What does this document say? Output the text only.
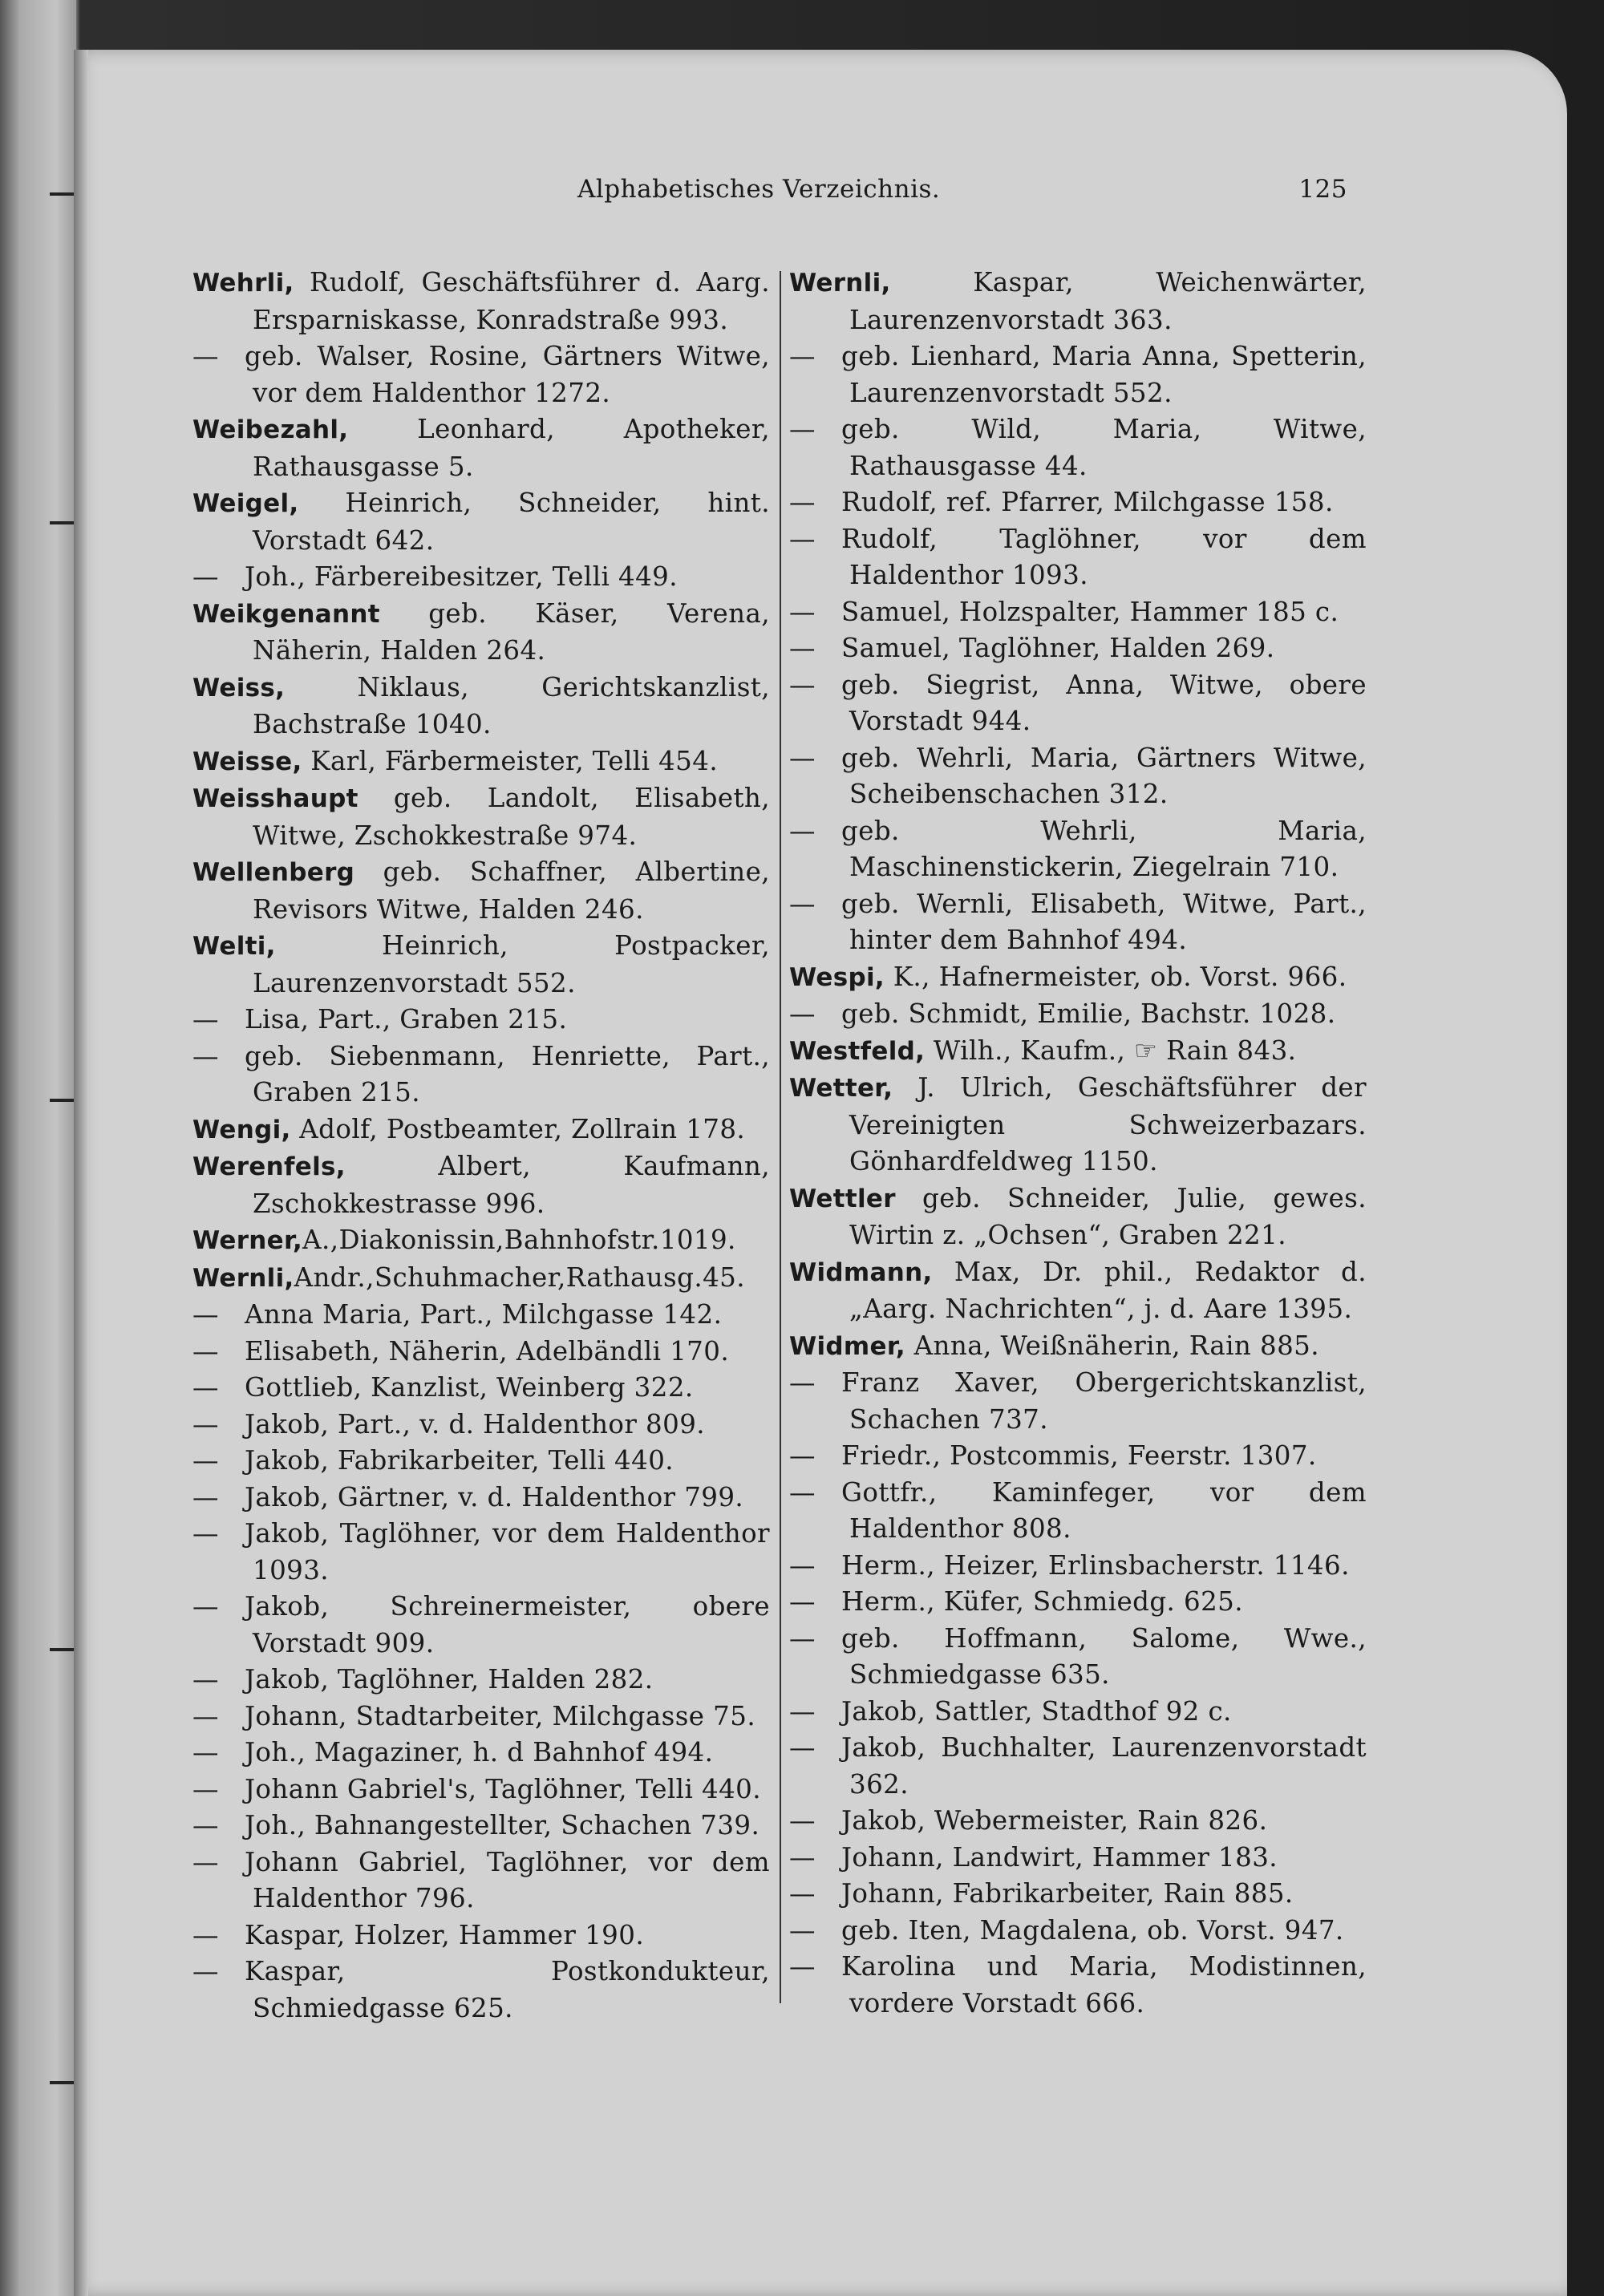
Alphabetisches Verzeichnis.	125

Wehrli, Rudolf, Geschäftsführer d. Aarg. Ersparniskasse, Konradstraße 993.

— geb. Walser, Rosine, Gärtners Witwe, vor dem Haldenthor 1272.

Weibezahl, Leonhard, Apotheker, Rathausgasse 5.

Weigel, Heinrich, Schneider, hint. Vorstadt 642.

— Joh., Färbereibesitzer, Telli 449.

Weikgenannt geb. Käser, Verena, Näherin, Halden 264.

Weiss, Niklaus, Gerichtskanzlist, Bachstraße 1040.

Weisse, Karl, Färbermeister, Telli 454.

Weisshaupt geb. Landolt, Elisabeth, Witwe, Zschokkestraße 974.

Wellenberg geb. Schaffner, Albertine, Revisors Witwe, Halden 246.

Welti, Heinrich, Postpacker, Laurenzenvorstadt 552.

— Lisa, Part., Graben 215.

— geb. Siebenmann, Henriette, Part., Graben 215.

Wengi, Adolf, Postbeamter, Zollrain 178.

Werenfels, Albert, Kaufmann, Zschokkestrasse 996.

Werner,A.,Diakonissin,Bahnhofstr.1019.

Wernli,Andr.,Schuhmacher,Rathausg.45.

— Anna Maria, Part., Milchgasse 142.

— Elisabeth, Näherin, Adelbändli 170.

— Gottlieb, Kanzlist, Weinberg 322.

— Jakob, Part., v. d. Haldenthor 809.

— Jakob, Fabrikarbeiter, Telli 440.

— Jakob, Gärtner, v. d. Haldenthor 799.

— Jakob, Taglöhner, vor dem Haldenthor 1093.

— Jakob, Schreinermeister, obere Vorstadt 909.

— Jakob, Taglöhner, Halden 282.

— Johann, Stadtarbeiter, Milchgasse 75.

— Joh., Magaziner, h. d Bahnhof 494.

— Johann Gabriel's, Taglöhner, Telli 440.

— Joh., Bahnangestellter, Schachen 739.

— Johann Gabriel, Taglöhner, vor dem Haldenthor 796.

— Kaspar, Holzer, Hammer 190.

— Kaspar, Postkondukteur, Schmiedgasse 625.

Wernli, Kaspar, Weichenwärter, Laurenzenvorstadt 363.

— geb. Lienhard, Maria Anna, Spetterin, Laurenzenvorstadt 552.

— geb. Wild, Maria, Witwe, Rathausgasse 44.

— Rudolf, ref. Pfarrer, Milchgasse 158.

— Rudolf, Taglöhner, vor dem Haldenthor 1093.

— Samuel, Holzspalter, Hammer 185 c.

— Samuel, Taglöhner, Halden 269.

— geb. Siegrist, Anna, Witwe, obere Vorstadt 944.

— geb. Wehrli, Maria, Gärtners Witwe, Scheibenschachen 312.

— geb. Wehrli, Maria, Maschinenstickerin, Ziegelrain 710.

— geb. Wernli, Elisabeth, Witwe, Part., hinter dem Bahnhof 494.

Wespi, K., Hafnermeister, ob. Vorst. 966.

— geb. Schmidt, Emilie, Bachstr. 1028.

Westfeld, Wilh., Kaufm., ☞ Rain 843.

Wetter, J. Ulrich, Geschäftsführer der Vereinigten Schweizerbazars. Gönhardfeldweg 1150.

Wettler geb. Schneider, Julie, gewes. Wirtin z. „Ochsen“, Graben 221.

Widmann, Max, Dr. phil., Redaktor d. „Aarg. Nachrichten“, j. d. Aare 1395.

Widmer, Anna, Weißnäherin, Rain 885.

— Franz Xaver, Obergerichtskanzlist, Schachen 737.

— Friedr., Postcommis, Feerstr. 1307.

— Gottfr., Kaminfeger, vor dem Haldenthor 808.

— Herm., Heizer, Erlinsbacherstr. 1146.

— Herm., Küfer, Schmiedg. 625.

— geb. Hoffmann, Salome, Wwe., Schmiedgasse 635.

— Jakob, Sattler, Stadthof 92 c.

— Jakob, Buchhalter, Laurenzenvorstadt 362.

— Jakob, Webermeister, Rain 826.

— Johann, Landwirt, Hammer 183.

— Johann, Fabrikarbeiter, Rain 885.

— geb. Iten, Magdalena, ob. Vorst. 947.

— Karolina und Maria, Modistinnen, vordere Vorstadt 666.
